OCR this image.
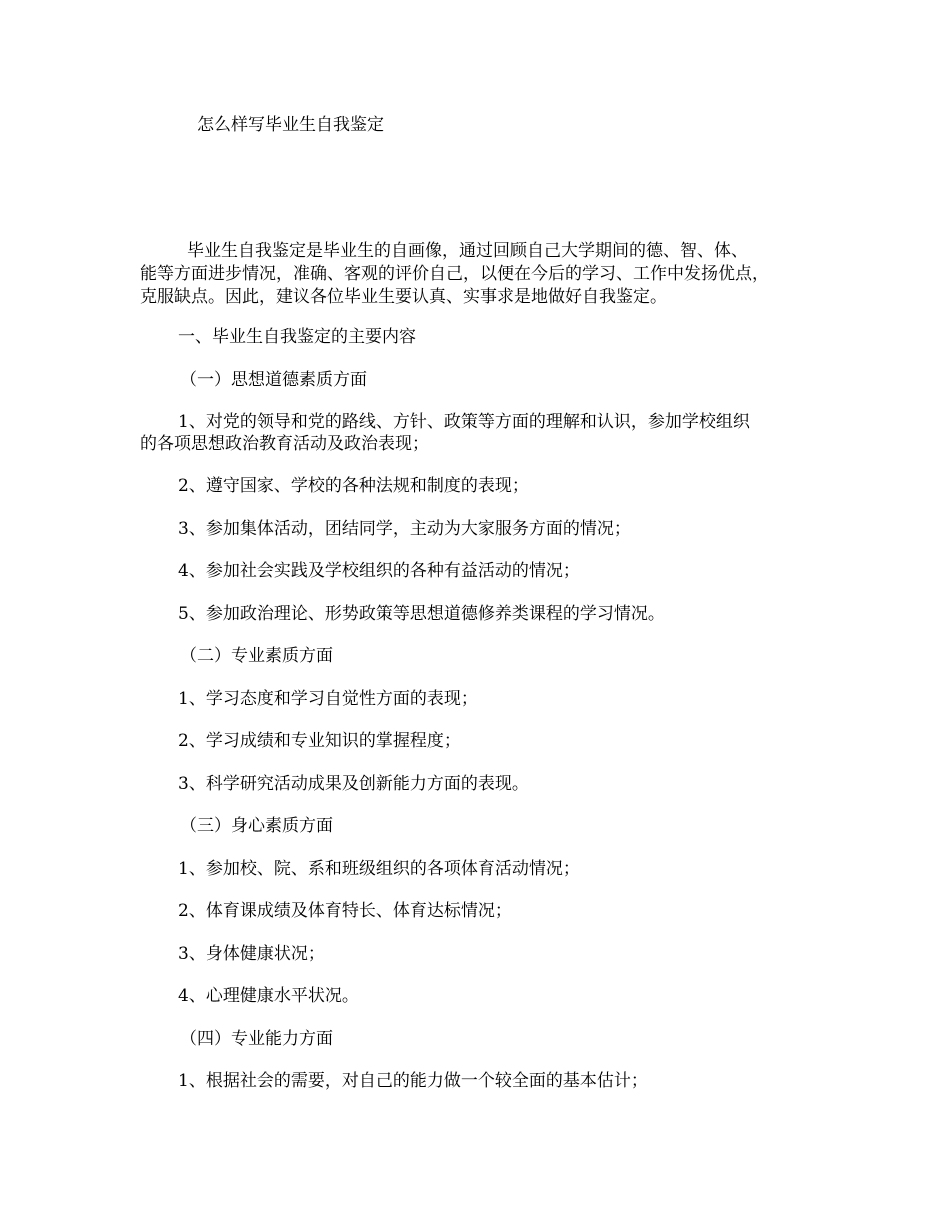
怎么样写毕业生自我鉴定
毕业生自我鉴定是毕业生的自画像，通过回顾自己大学期间的德、智、体、
能等方面进步情况，准确、客观的评价自己，以便在今后的学习、工作中发扬优点，
克服缺点。因此，建议各位毕业生要认真、实事求是地做好自我鉴定。
一、毕业生自我鉴定的主要内容
（一）思想道德素质方面
1、对党的领导和党的路线、方针、政策等方面的理解和认识，参加学校组织
的各项思想政治教育活动及政治表现；
2、遵守国家、学校的各种法规和制度的表现；
3、参加集体活动，团结同学，主动为大家服务方面的情况；
4、参加社会实践及学校组织的各种有益活动的情况；
5、参加政治理论、形势政策等思想道德修养类课程的学习情况。
（二）专业素质方面
1、学习态度和学习自觉性方面的表现；
2、学习成绩和专业知识的掌握程度；
3、科学研究活动成果及创新能力方面的表现。
（三）身心素质方面
1、参加校、院、系和班级组织的各项体育活动情况；
2、体育课成绩及体育特长、体育达标情况；
3、身体健康状况；
4、心理健康水平状况。
（四）专业能力方面
1、根据社会的需要，对自己的能力做一个较全面的基本估计；
